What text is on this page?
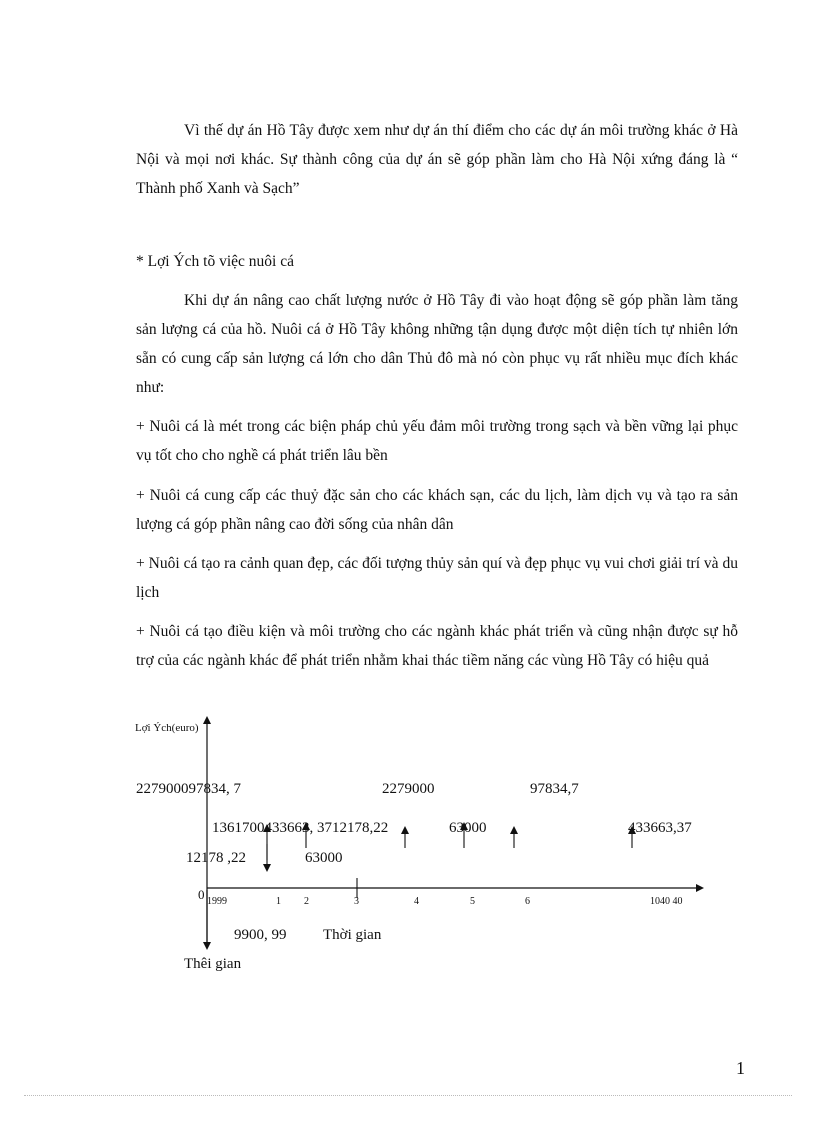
Vì thế dự án Hồ Tây được xem như dự án thí điểm cho các dự án môi trường khác ở Hà Nội và mọi nơi khác. Sự thành công của dự án sẽ góp phần làm cho Hà Nội xứng đáng là “ Thành phố Xanh và Sạch”

* Lợi Ých tõ việc nuôi cá

Khi dự án nâng cao chất lượng nước ở Hồ Tây đi vào hoạt động sẽ góp phần làm tăng sản lượng cá của hồ. Nuôi cá ở Hồ Tây không những tận dụng được một diện tích tự nhiên lớn sẵn có cung cấp sản lượng cá lớn cho dân Thủ đô mà nó còn phục vụ rất nhiều mục đích khác như:

+ Nuôi cá là mét trong các biện pháp chủ yếu đảm môi trường trong sạch và bền vững lại phục vụ tốt cho cho nghề cá phát triển lâu bền

+ Nuôi cá cung cấp các thuỷ đặc sản cho các khách sạn, các du lịch, làm dịch vụ và tạo ra sản lượng cá góp phần nâng cao đời sống của nhân dân

+ Nuôi cá tạo ra cảnh quan đẹp, các đối tượng thủy sản quí và đẹp phục vụ vui chơi giải trí và du lịch

+ Nuôi cá tạo điều kiện và môi trường cho các ngành khác phát triển và cũng nhận được sự hỗ trợ của các ngành khác để phát triển nhằm khai thác tiềm năng các vùng Hồ Tây có hiệu quả

Lợi Ých(euro)
227900097834, 7	2279000	97834,7
1361700433663, 3712178,22	63000	433663,37
12178 ,22	63000
0 1999	1 2	3	4	5	6	1040 40
9900, 99 Thời gian
Thêi gian
1
